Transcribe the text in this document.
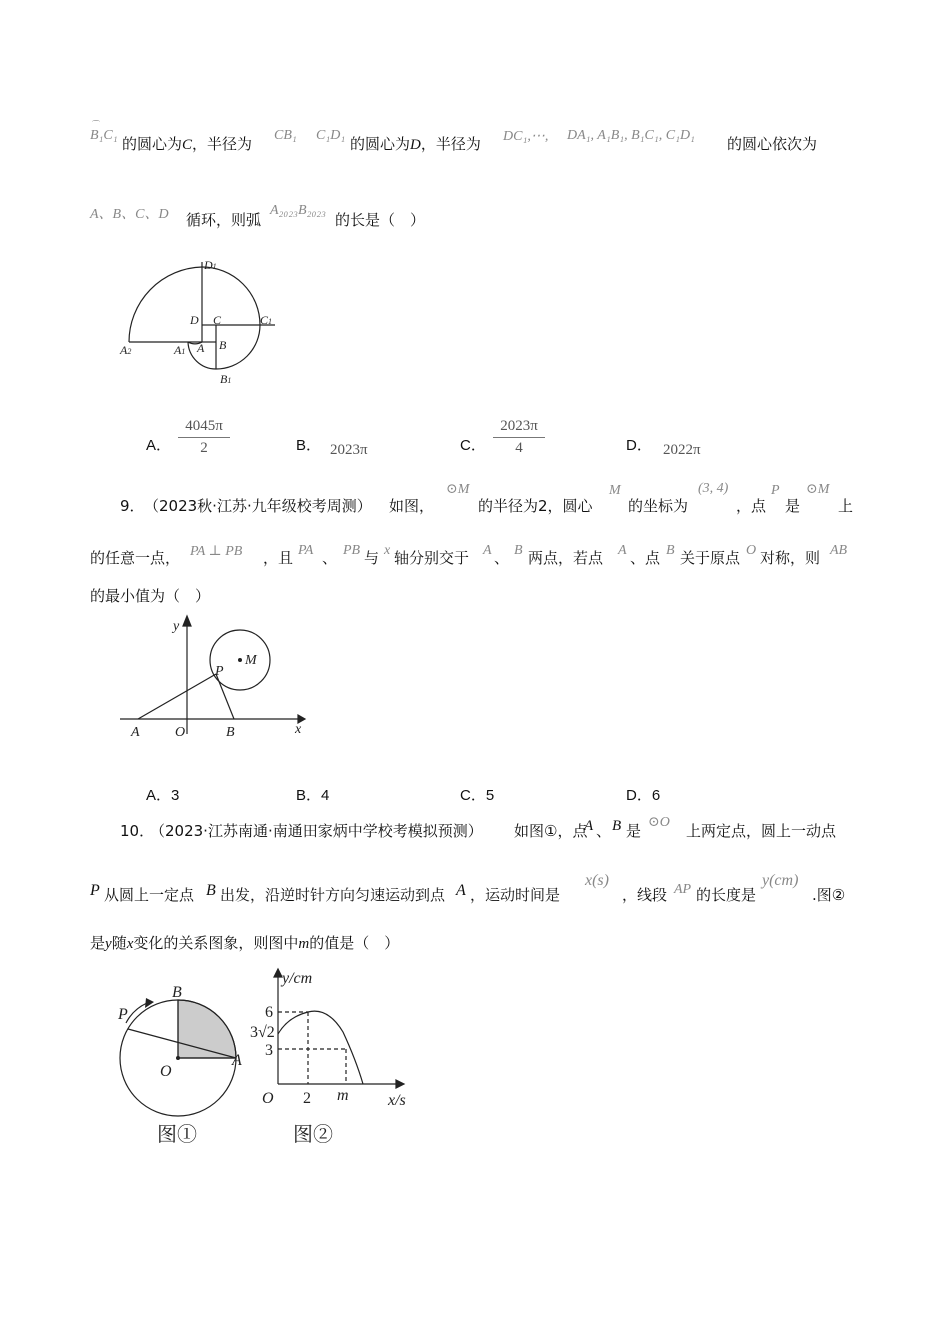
B₁C₁
⌒
的圆心为C，半径为 CB₁ C₁D₁ 的圆心为D，半径为 DC₁,⋯, DA₁, A₁B₁, B₁C₁, C₁D₁ 的圆心依次为
A、B、C、D 循环，则弧
A₂₀₂₃B₂₀₂₃
的长是（　）
D1
D C	C1
A2	A1 A B
B1
A．
4045π
2	B． 2023π	C．
2023π
4	D． 2022π
9． （2023秋·江苏·九年级校考周测） 如图，
⊙M
的半径为2，圆心
M
的坐标为
(3, 4)
，点
P
是
⊙M
上
的任意一点， PA ⊥ PB ，且 PA 、 PB 与 x 轴分别交于 A 、 B 两点，若点 A 、点 B 关于原点 O 对称，则 AB
的最小值为（　）
y
x
M
P
A	O	B
A．3	B．4	C．5	D．6
10．
（2023·江苏南通·南通田家炳中学校考模拟预测） 如图①，点
A 、 B 是 ⊙O 上两定点，圆上一动点
P 从圆上一定点 B 出发，沿逆时针方向匀速运动到点 A ，运动时间是
x(s)
，线段 AP 的长度是
y(cm)
.图②
是y随x变化的关系图象，则图中m的值是（　）
P
B
O
A
图①
y/cm
x/s
O 2 m
6
3√2
3
图②
